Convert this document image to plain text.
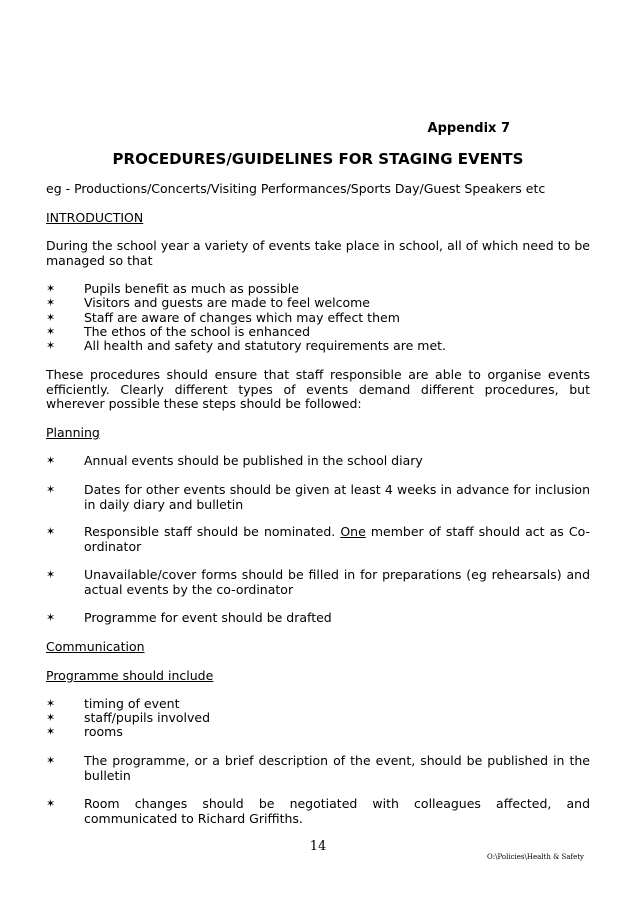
Appendix 7
PROCEDURES/GUIDELINES FOR STAGING EVENTS
eg - Productions/Concerts/Visiting Performances/Sports Day/Guest Speakers etc
INTRODUCTION
During the school year a variety of events take place in school, all of which need to be managed so that
✶ Pupils benefit as much as possible
✶ Visitors and guests are made to feel welcome
✶ Staff are aware of changes which may effect them
✶ The ethos of the school is enhanced
✶ All health and safety and statutory requirements are met.
These procedures should ensure that staff responsible are able to organise events efficiently. Clearly different types of events demand different procedures, but wherever possible these steps should be followed:
Planning
✶ Annual events should be published in the school diary
✶ Dates for other events should be given at least 4 weeks in advance for inclusion in daily diary and bulletin
✶ Responsible staff should be nominated. One member of staff should act as Co-ordinator
✶ Unavailable/cover forms should be filled in for preparations (eg rehearsals) and actual events by the co-ordinator
✶ Programme for event should be drafted
Communication
Programme should include
✶ timing of event
✶ staff/pupils involved
✶ rooms
✶ The programme, or a brief description of the event, should be published in the bulletin
✶ Room changes should be negotiated with colleagues affected, and communicated to Richard Griffiths.
14
O:\Policies\Health & Safety
